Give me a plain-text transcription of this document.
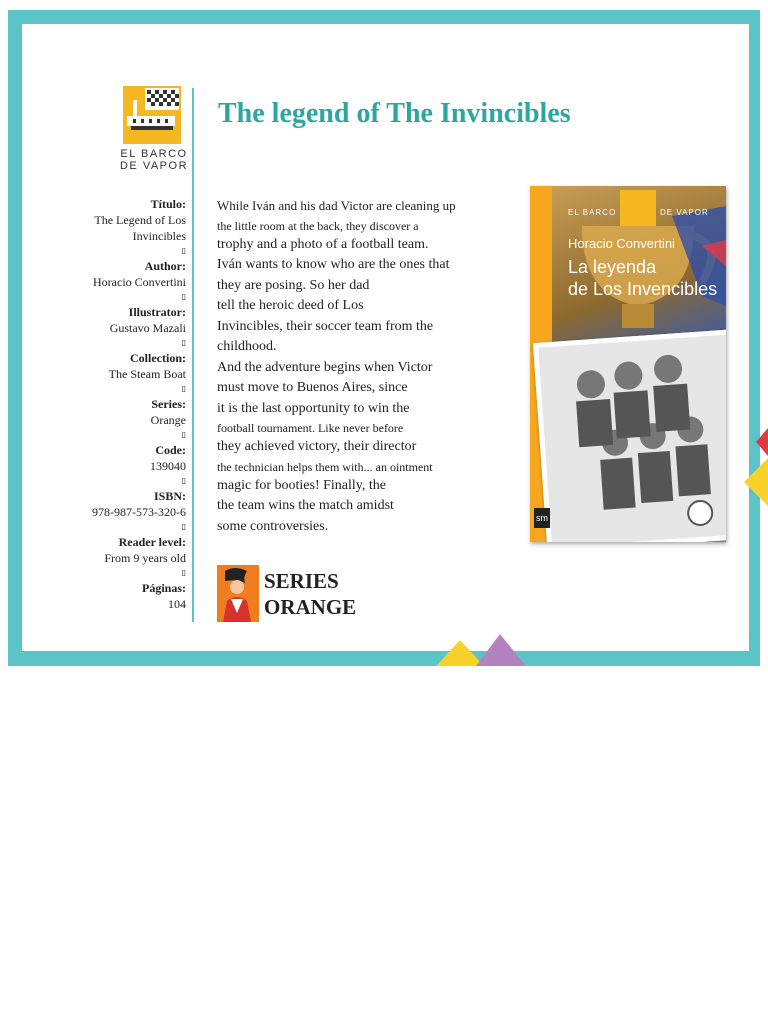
EL BARCO
DE VAPOR
Título:
The Legend of Los
Invincibles
▯
Author:
Horacio Convertini
▯
Illustrator:
Gustavo Mazali
▯
Collection:
The Steam Boat
▯
Series:
Orange
▯
Code:
139040
▯
ISBN:
978-987-573-320-6
▯
Reader level:
From 9 years old
▯
Páginas:
104
The legend of The Invincibles
While Iván and his dad Victor are cleaning up
the little room at the back, they discover a
trophy and a photo of a football team.
Iván wants to know who are the ones that
they are posing. So her dad
tell the heroic deed of Los
Invincibles, their soccer team from the
childhood.
And the adventure begins when Victor
must move to Buenos Aires, since
it is the last opportunity to win the
football tournament. Like never before
they achieved victory, their director
the technician helps them with... an ointment
magic for booties! Finally, the
the team wins the match amidst
some controversies.
SERIES
ORANGE
EL BARCO	DE VAPOR
Horacio Convertini
La leyenda
de Los Invencibles
sm
